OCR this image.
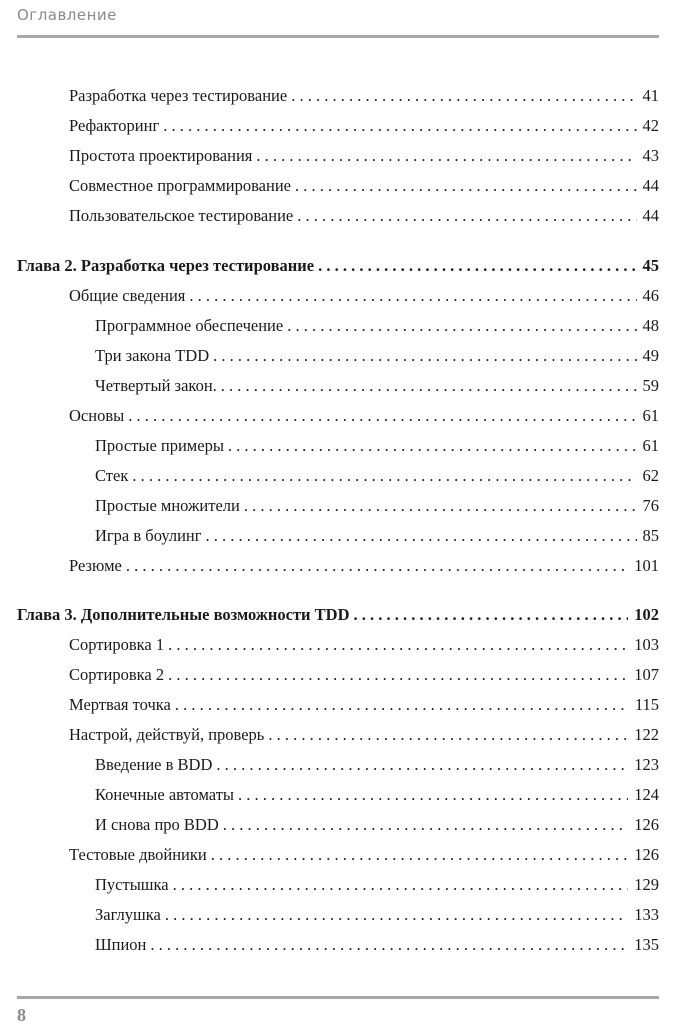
Оглавление
Разработка через тестирование . . .	41
Рефакторинг . . .	42
Простота проектирования . . .	43
Совместное программирование . . .	44
Пользовательское тестирование . . .	44
Глава 2. Разработка через тестирование . . .	45
Общие сведения . . .	46
Программное обеспечение . . .	48
Три закона TDD . . .	49
Четвертый закон. . . .	59
Основы . . .	61
Простые примеры . . .	61
Стек . . .	62
Простые множители . . .	76
Игра в боулинг . . .	85
Резюме . . .	101
Глава 3. Дополнительные возможности TDD . . .	102
Сортировка 1 . . .	103
Сортировка 2 . . .	107
Мертвая точка . . .	115
Настрой, действуй, проверь . . .	122
Введение в BDD . . .	123
Конечные автоматы . . .	124
И снова про BDD . . .	126
Тестовые двойники . . .	126
Пустышка . . .	129
Заглушка . . .	133
Шпион . . .	135
8
